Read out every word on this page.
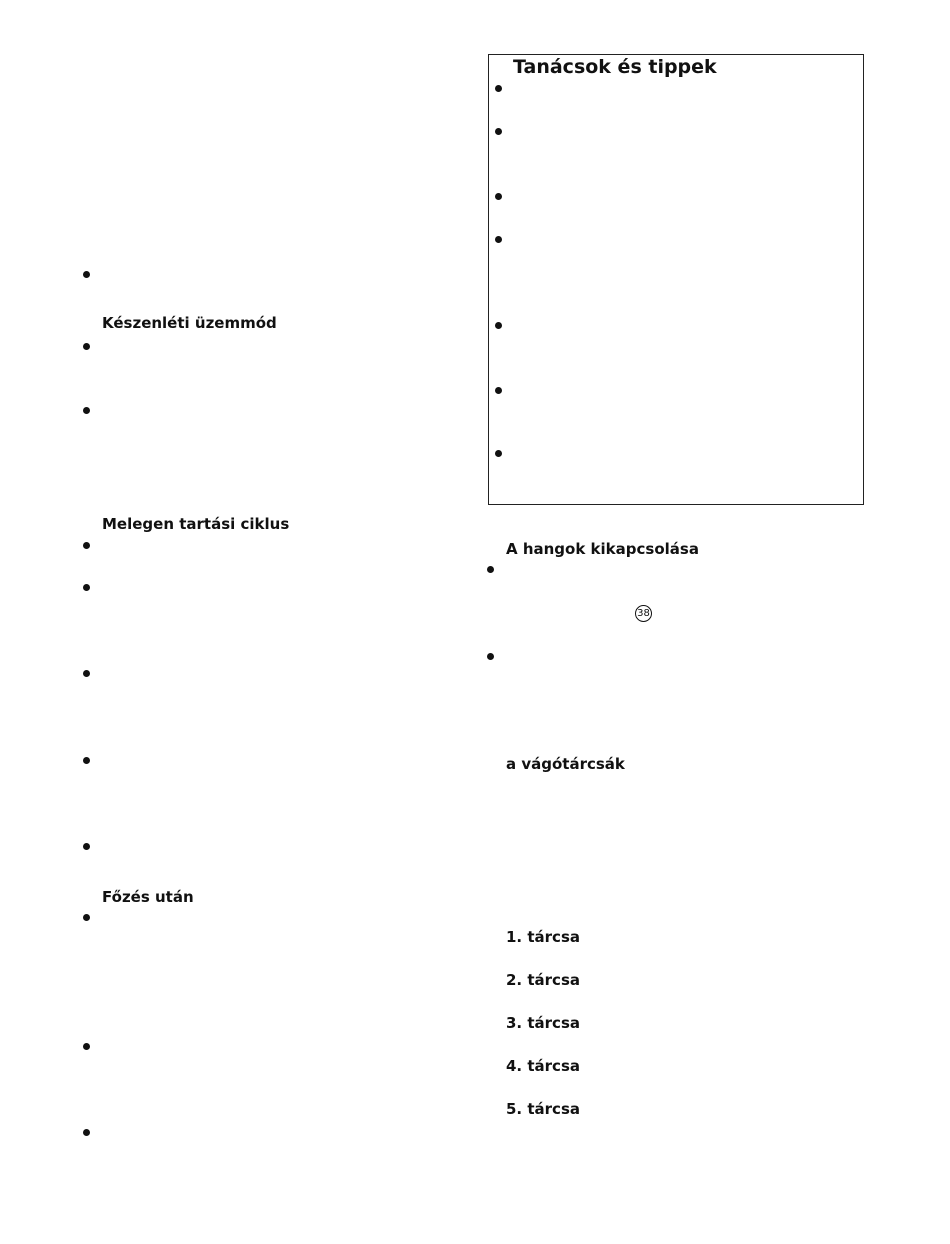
Készenléti üzemmód
Melegen tartási ciklus
Főzés után
Tanácsok és tippek
A hangok kikapcsolása
38
a vágótárcsák
1. tárcsa
2. tárcsa
3. tárcsa
4. tárcsa
5. tárcsa
